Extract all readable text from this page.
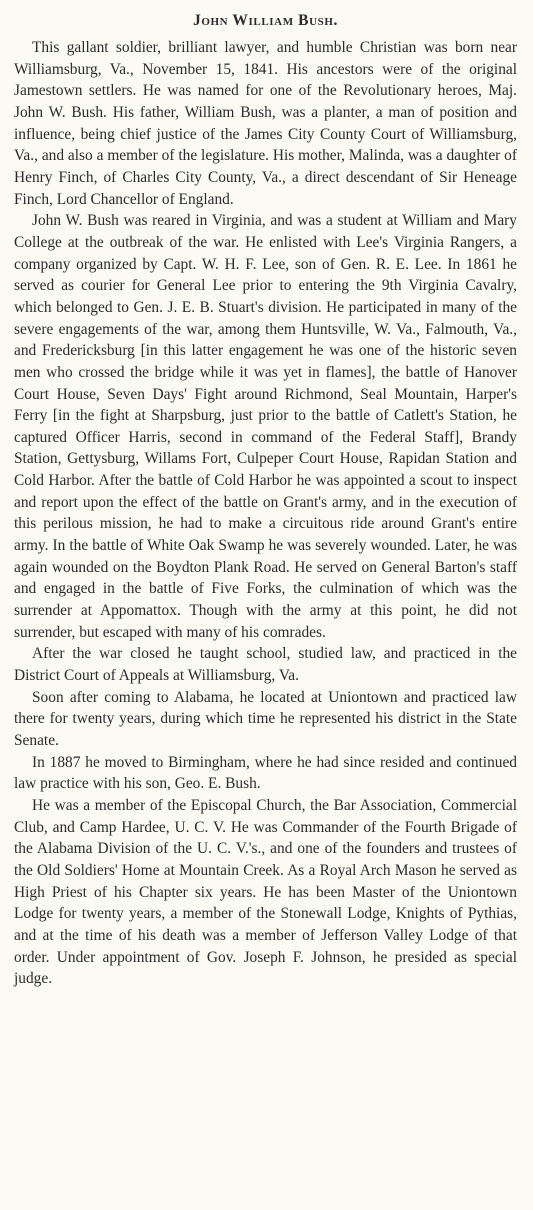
John William Bush.

This gallant soldier, brilliant lawyer, and humble Christian was born near Williamsburg, Va., November 15, 1841. His ancestors were of the original Jamestown settlers. He was named for one of the Revolutionary heroes, Maj. John W. Bush. His father, William Bush, was a planter, a man of position and influence, being chief justice of the James City County Court of Williamsburg, Va., and also a member of the legislature. His mother, Malinda, was a daughter of Henry Finch, of Charles City County, Va., a direct descendant of Sir Heneage Finch, Lord Chancellor of England.

John W. Bush was reared in Virginia, and was a student at William and Mary College at the outbreak of the war. He enlisted with Lee's Virginia Rangers, a company organized by Capt. W. H. F. Lee, son of Gen. R. E. Lee. In 1861 he served as courier for General Lee prior to entering the 9th Virginia Cavalry, which belonged to Gen. J. E. B. Stuart's division. He participated in many of the severe engagements of the war, among them Huntsville, W. Va., Falmouth, Va., and Fredericksburg [in this latter engagement he was one of the historic seven men who crossed the bridge while it was yet in flames], the battle of Hanover Court House, Seven Days' Fight around Richmond, Seal Mountain, Harper's Ferry [in the fight at Sharpsburg, just prior to the battle of Catlett's Station, he captured Officer Harris, second in command of the Federal Staff], Brandy Station, Gettysburg, Willams Fort, Culpeper Court House, Rapidan Station and Cold Harbor. After the battle of Cold Harbor he was appointed a scout to inspect and report upon the effect of the battle on Grant's army, and in the execution of this perilous mission, he had to make a circuitous ride around Grant's entire army. In the battle of White Oak Swamp he was severely wounded. Later, he was again wounded on the Boydton Plank Road. He served on General Barton's staff and engaged in the battle of Five Forks, the culmination of which was the surrender at Appomattox. Though with the army at this point, he did not surrender, but escaped with many of his comrades.

After the war closed he taught school, studied law, and practiced in the District Court of Appeals at Williamsburg, Va.

Soon after coming to Alabama, he located at Uniontown and practiced law there for twenty years, during which time he represented his district in the State Senate.

In 1887 he moved to Birmingham, where he had since resided and continued law practice with his son, Geo. E. Bush.

He was a member of the Episcopal Church, the Bar Association, Commercial Club, and Camp Hardee, U. C. V. He was Commander of the Fourth Brigade of the Alabama Division of the U. C. V.'s., and one of the founders and trustees of the Old Soldiers' Home at Mountain Creek. As a Royal Arch Mason he served as High Priest of his Chapter six years. He has been Master of the Uniontown Lodge for twenty years, a member of the Stonewall Lodge, Knights of Pythias, and at the time of his death was a member of Jefferson Valley Lodge of that order. Under appointment of Gov. Joseph F. Johnson, he presided as special judge.
